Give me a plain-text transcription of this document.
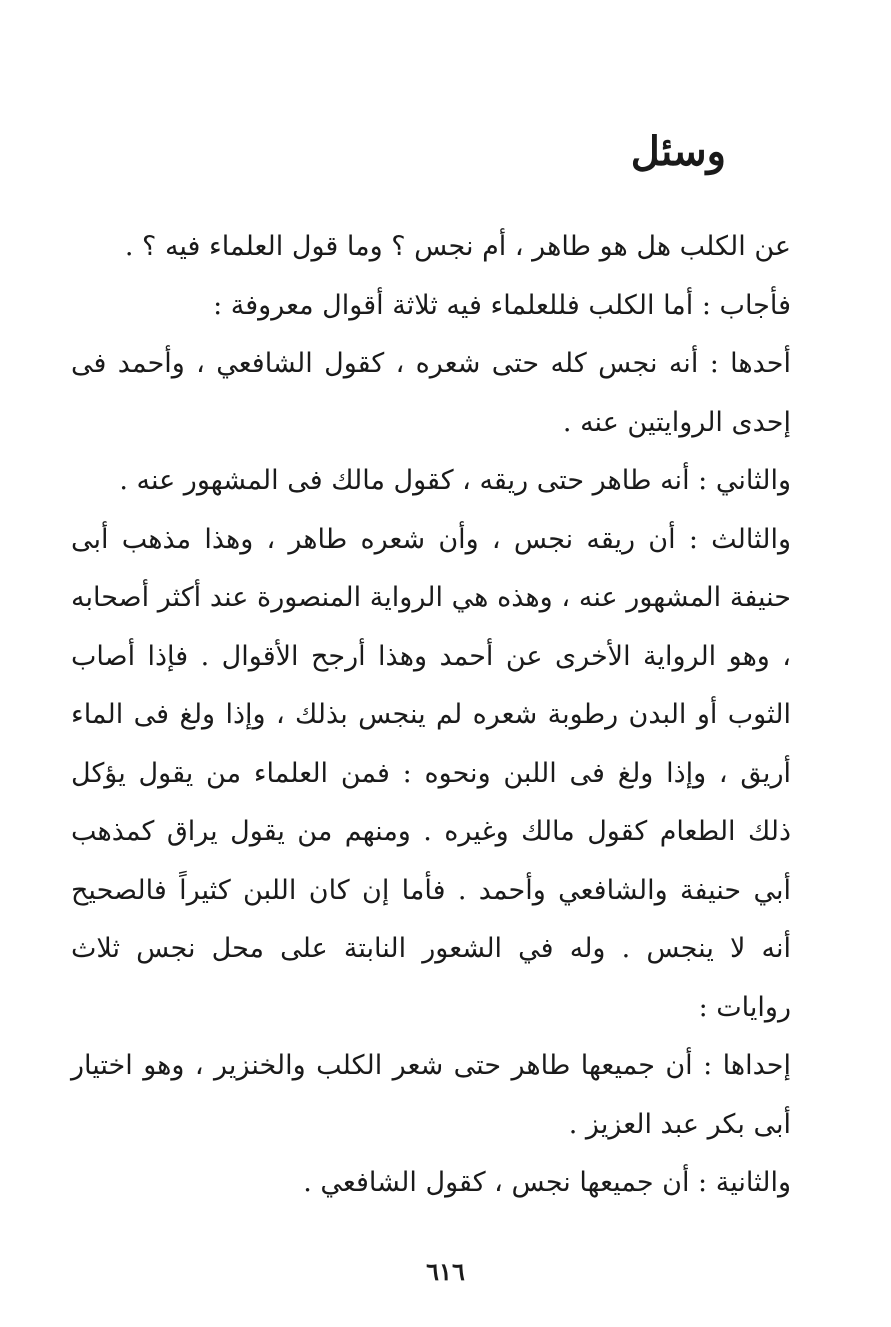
وسئل

عن الكلب هل هو طاهر ، أم نجس ؟ وما قول العلماء فيه ؟ .

فأجاب : أما الكلب فللعلماء فيه ثلاثة أقوال معروفة :

أحدها : أنه نجس كله حتى شعره ، كقول الشافعي ، وأحمد فى إحدى الروايتين عنه .

والثاني : أنه طاهر حتى ريقه ، كقول مالك فى المشهور عنه .

والثالث : أن ريقه نجس ، وأن شعره طاهر ، وهذا مذهب أبى حنيفة المشهور عنه ، وهذه هي الرواية المنصورة عند أكثر أصحابه ، وهو الرواية الأخرى عن أحمد وهذا أرجح الأقوال . فإذا أصاب الثوب أو البدن رطوبة شعره لم ينجس بذلك ، وإذا ولغ فى الماء أريق ، وإذا ولغ فى اللبن ونحوه : فمن العلماء من يقول يؤكل ذلك الطعام كقول مالك وغيره . ومنهم من يقول يراق كمذهب أبي حنيفة والشافعي وأحمد . فأما إن كان اللبن كثيراً فالصحيح أنه لا ينجس . وله في الشعور النابتة على محل نجس ثلاث روايات :

إحداها : أن جميعها طاهر حتى شعر الكلب والخنزير ، وهو اختيار أبى بكر عبد العزيز .

والثانية : أن جميعها نجس ، كقول الشافعي .

٦١٦
